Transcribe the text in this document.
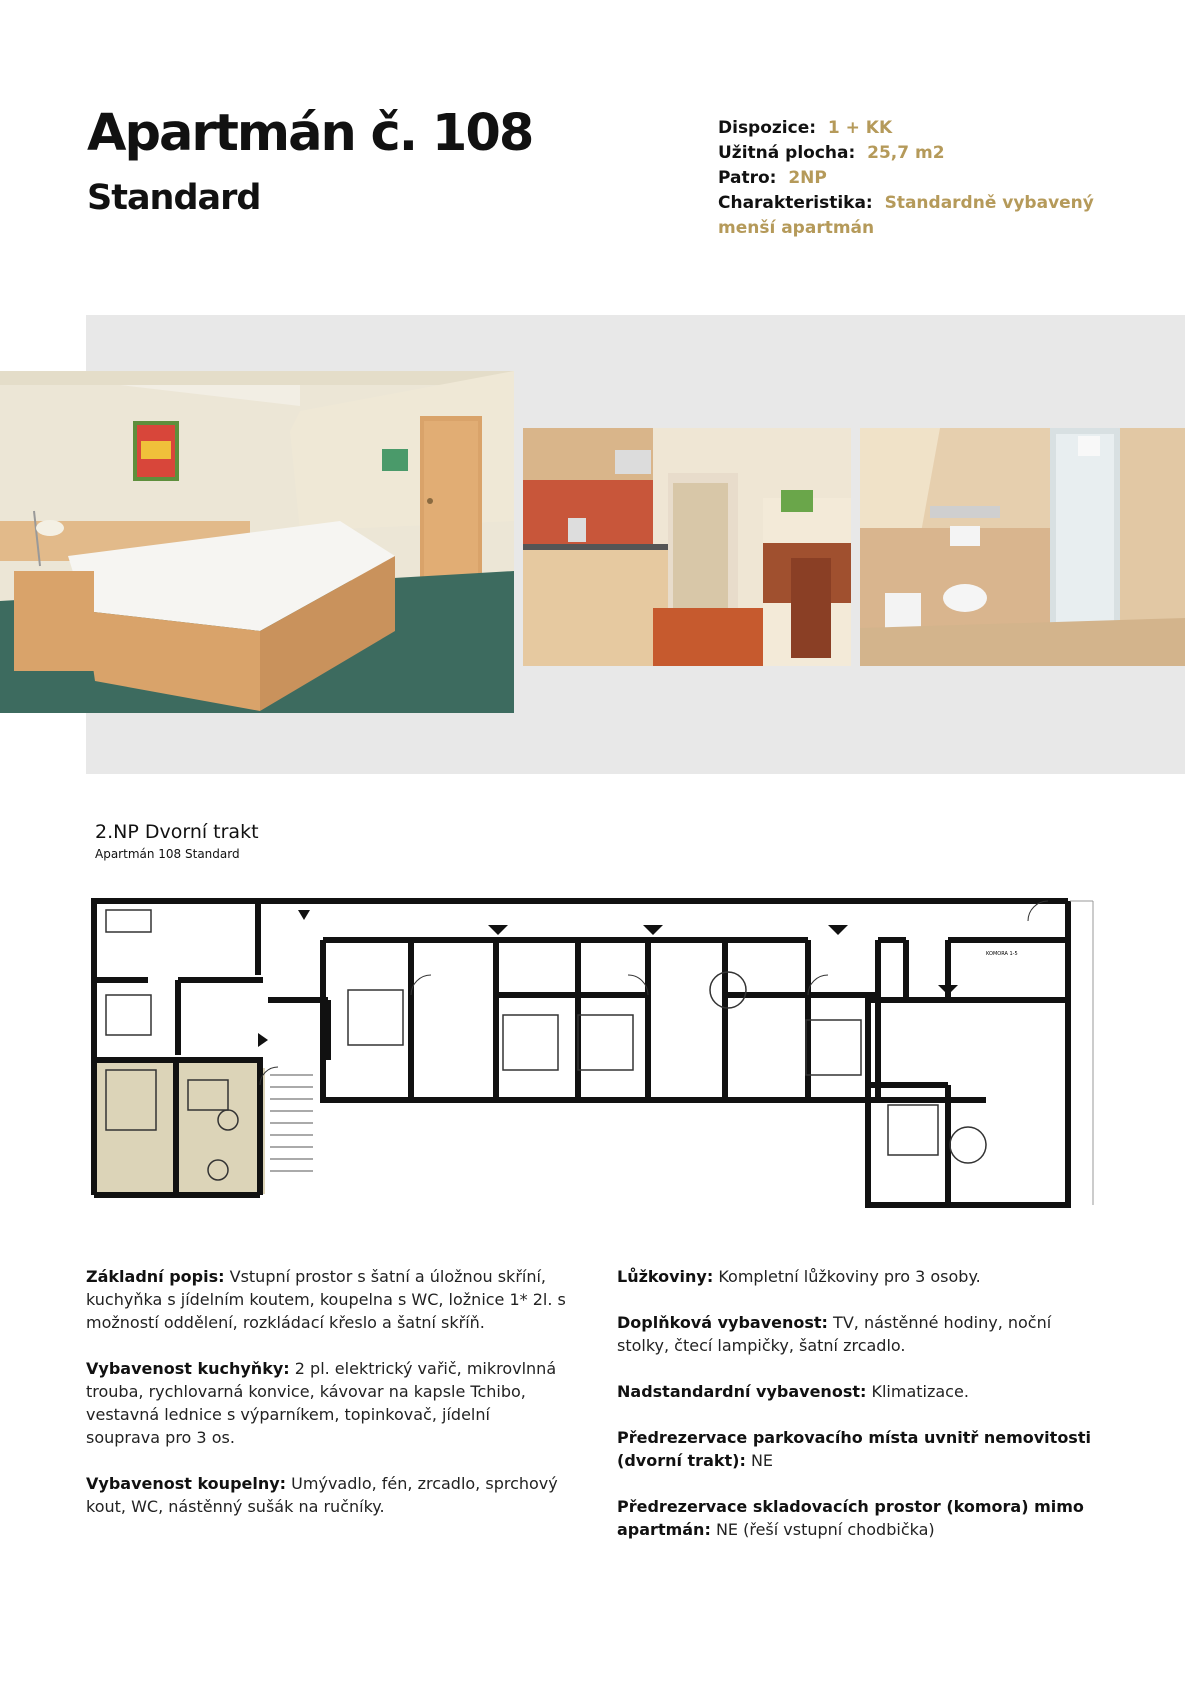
Apartmán č. 108
Standard

Dispozice: 1 + KK

Užitná plocha: 25,7 m2

Patro: 2NP

Charakteristika: Standardně vybavený menší apartmán

2.NP Dvorní trakt
Apartmán 108 Standard
KOMORA 1-5

Základní popis: Vstupní prostor s šatní a úložnou skříní, kuchyňka s jídelním koutem, koupelna s WC, ložnice 1* 2l. s možností oddělení, rozkládací křeslo a šatní skříň.

Vybavenost kuchyňky: 2 pl. elektrický vařič, mikrovlnná trouba, rychlovarná konvice, kávovar na kapsle Tchibo, vestavná lednice s výparníkem, topinkovač, jídelní souprava pro 3 os.

Vybavenost koupelny: Umývadlo, fén, zrcadlo, sprchový kout, WC, nástěnný sušák na ručníky.

Lůžkoviny: Kompletní lůžkoviny pro 3 osoby.

Doplňková vybavenost: TV, nástěnné hodiny, noční stolky, čtecí lampičky, šatní zrcadlo.

Nadstandardní vybavenost: Klimatizace.

Předrezervace parkovacího místa uvnitř nemovitosti (dvorní trakt): NE

Předrezervace skladovacích prostor (komora) mimo apartmán: NE (řeší vstupní chodbička)
